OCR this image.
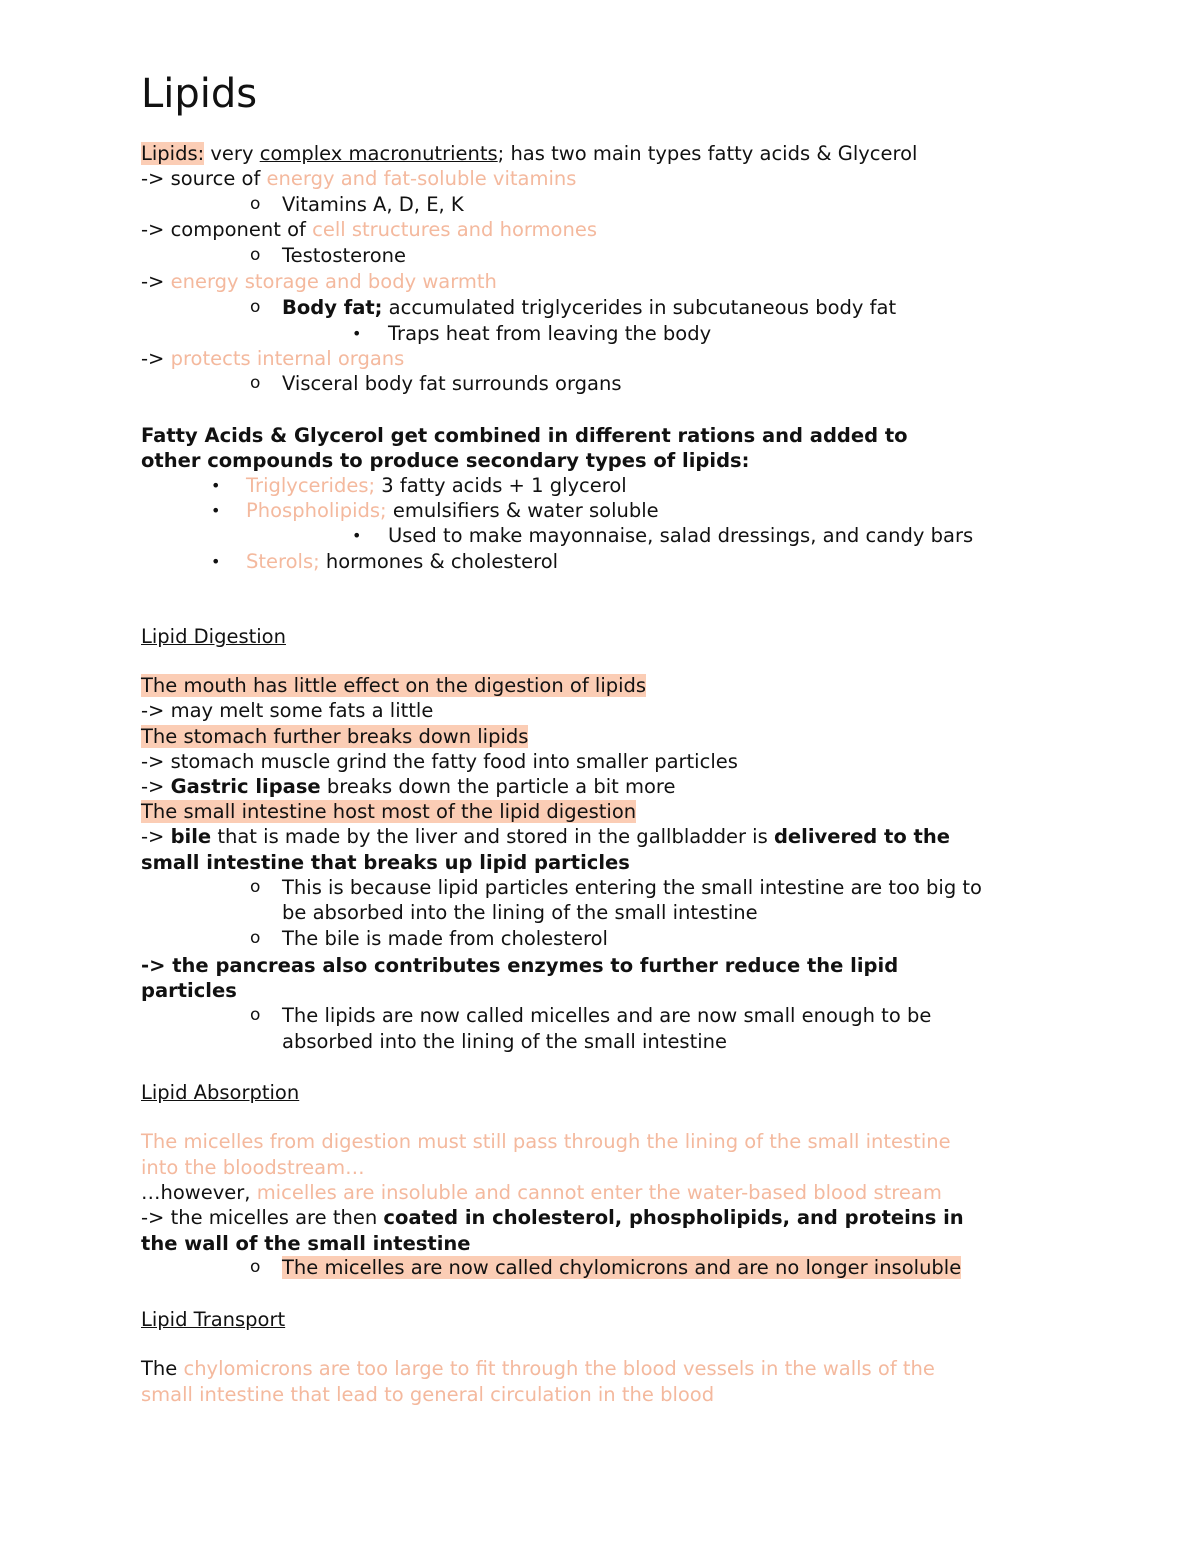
Lipids
Lipids: very complex macronutrients; has two main types fatty acids & Glycerol
-> source of energy and fat-soluble vitamins
o Vitamins A, D, E, K
-> component of cell structures and hormones
o Testosterone
-> energy storage and body warmth
o Body fat; accumulated triglycerides in subcutaneous body fat
• Traps heat from leaving the body
-> protects internal organs
o Visceral body fat surrounds organs
Fatty Acids & Glycerol get combined in different rations and added to
other compounds to produce secondary types of lipids:
• Triglycerides; 3 fatty acids + 1 glycerol
• Phospholipids; emulsifiers & water soluble
• Used to make mayonnaise, salad dressings, and candy bars
• Sterols; hormones & cholesterol
Lipid Digestion
The mouth has little effect on the digestion of lipids
-> may melt some fats a little
The stomach further breaks down lipids
-> stomach muscle grind the fatty food into smaller particles
-> Gastric lipase breaks down the particle a bit more
The small intestine host most of the lipid digestion
-> bile that is made by the liver and stored in the gallbladder is delivered to the
small intestine that breaks up lipid particles
o This is because lipid particles entering the small intestine are too big to
be absorbed into the lining of the small intestine
o The bile is made from cholesterol
-> the pancreas also contributes enzymes to further reduce the lipid
particles
o The lipids are now called micelles and are now small enough to be
absorbed into the lining of the small intestine
Lipid Absorption
The micelles from digestion must still pass through the lining of the small intestine
into the bloodstream…
…however, micelles are insoluble and cannot enter the water-based blood stream
-> the micelles are then coated in cholesterol, phospholipids, and proteins in
the wall of the small intestine
o The micelles are now called chylomicrons and are no longer insoluble
Lipid Transport
The chylomicrons are too large to fit through the blood vessels in the walls of the
small intestine that lead to general circulation in the blood
